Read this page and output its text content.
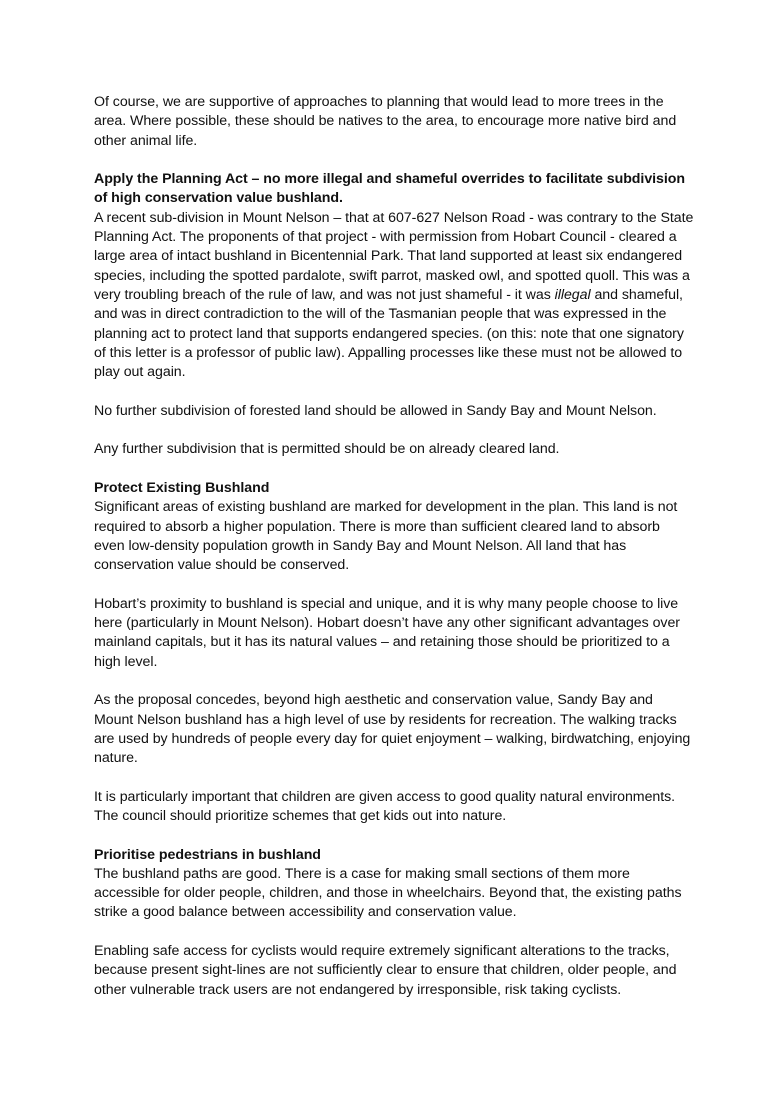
Of course, we are supportive of approaches to planning that would lead to more trees in the area. Where possible, these should be natives to the area, to encourage more native bird and other animal life.

Apply the Planning Act – no more illegal and shameful overrides to facilitate subdivision of high conservation value bushland.

A recent sub-division in Mount Nelson – that at 607-627 Nelson Road - was contrary to the State Planning Act. The proponents of that project - with permission from Hobart Council - cleared a large area of intact bushland in Bicentennial Park. That land supported at least six endangered species, including the spotted pardalote, swift parrot, masked owl, and spotted quoll. This was a very troubling breach of the rule of law, and was not just shameful - it was illegal and shameful, and was in direct contradiction to the will of the Tasmanian people that was expressed in the planning act to protect land that supports endangered species. (on this: note that one signatory of this letter is a professor of public law). Appalling processes like these must not be allowed to play out again.

No further subdivision of forested land should be allowed in Sandy Bay and Mount Nelson.

Any further subdivision that is permitted should be on already cleared land.

Protect Existing Bushland

Significant areas of existing bushland are marked for development in the plan. This land is not required to absorb a higher population. There is more than sufficient cleared land to absorb even low-density population growth in Sandy Bay and Mount Nelson. All land that has conservation value should be conserved.

Hobart’s proximity to bushland is special and unique, and it is why many people choose to live here (particularly in Mount Nelson). Hobart doesn’t have any other significant advantages over mainland capitals, but it has its natural values – and retaining those should be prioritized to a high level.

As the proposal concedes, beyond high aesthetic and conservation value, Sandy Bay and Mount Nelson bushland has a high level of use by residents for recreation. The walking tracks are used by hundreds of people every day for quiet enjoyment – walking, birdwatching, enjoying nature.

It is particularly important that children are given access to good quality natural environments. The council should prioritize schemes that get kids out into nature.

Prioritise pedestrians in bushland

The bushland paths are good. There is a case for making small sections of them more accessible for older people, children, and those in wheelchairs. Beyond that, the existing paths strike a good balance between accessibility and conservation value.

Enabling safe access for cyclists would require extremely significant alterations to the tracks, because present sight-lines are not sufficiently clear to ensure that children, older people, and other vulnerable track users are not endangered by irresponsible, risk taking cyclists.
